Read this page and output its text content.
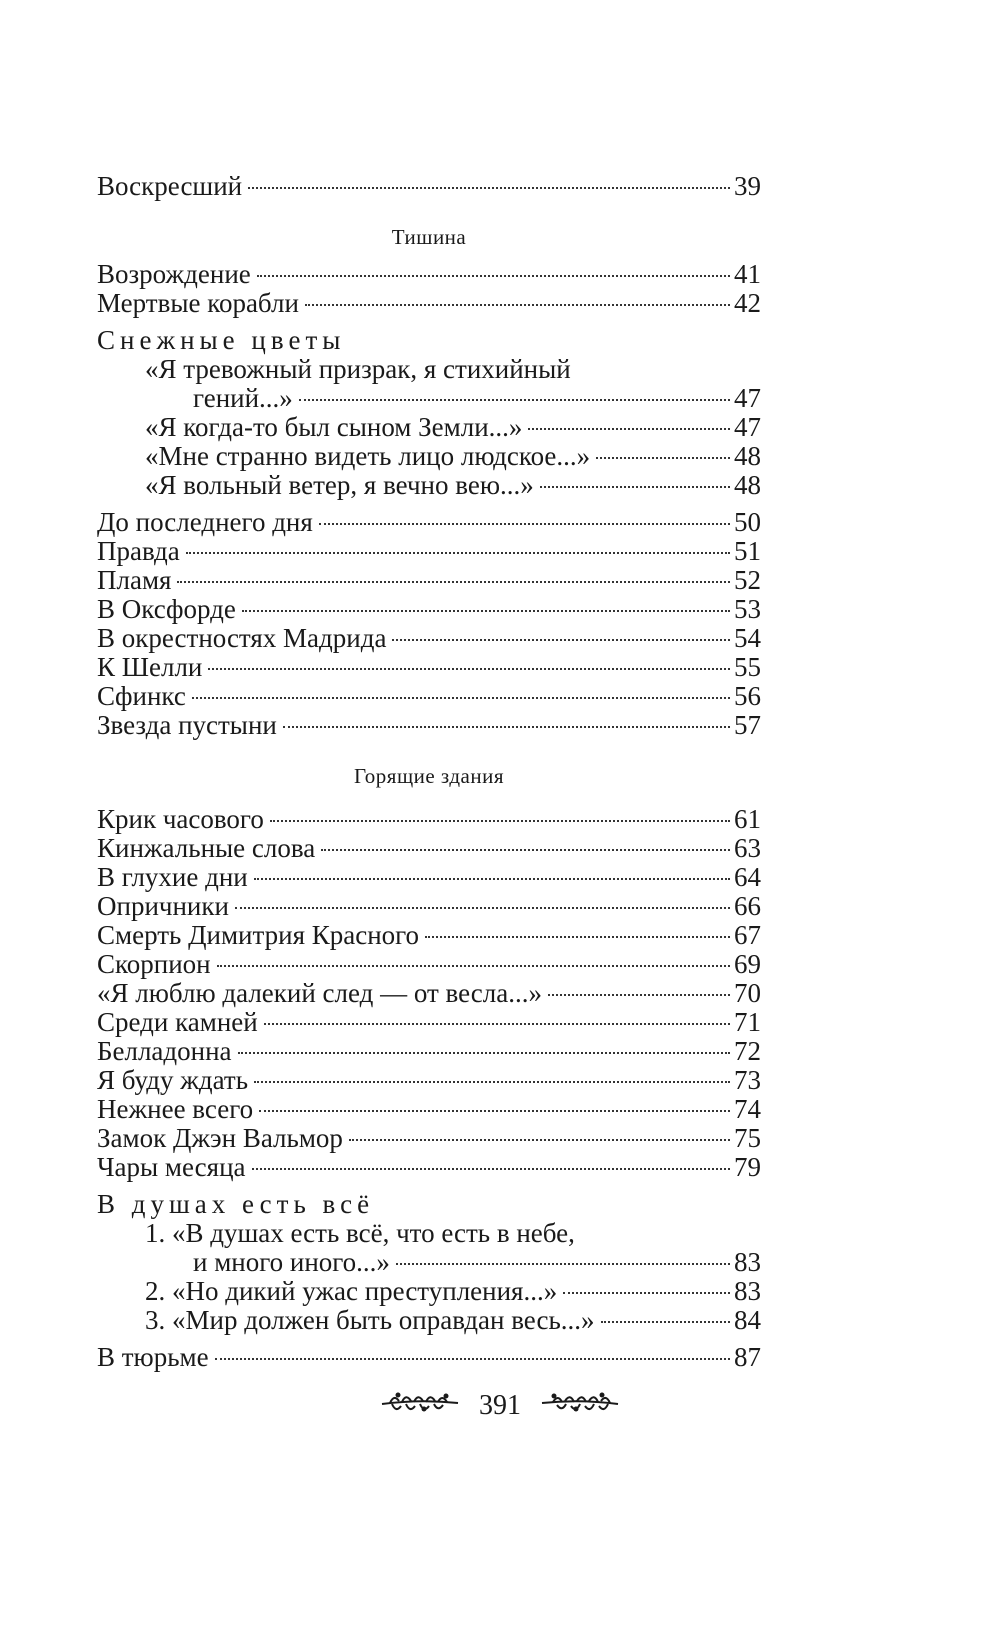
Воскресший	39
Тишина
Возрождение	41
Мертвые корабли	42
Снежные цветы
«Я тревожный призрак, я стихийный
гений...»	47
«Я когда-то был сыном Земли...»	47
«Мне странно видеть лицо людское...»	48
«Я вольный ветер, я вечно вею...»	48
До последнего дня	50
Правда	51
Пламя	52
В Оксфорде	53
В окрестностях Мадрида	54
К Шелли	55
Сфинкс	56
Звезда пустыни	57
Горящие здания
Крик часового	61
Кинжальные слова	63
В глухие дни	64
Опричники	66
Смерть Димитрия Красного	67
Скорпион	69
«Я люблю далекий след — от весла...»	70
Среди камней	71
Белладонна	72
Я буду ждать	73
Нежнее всего	74
Замок Джэн Вальмор	75
Чары месяца	79
В душах есть всё
1. «В душах есть всё, что есть в небе,
и много иного...»	83
2. «Но дикий ужас преступления...»	83
3. «Мир должен быть оправдан весь...»	84
В тюрьме	87
391
